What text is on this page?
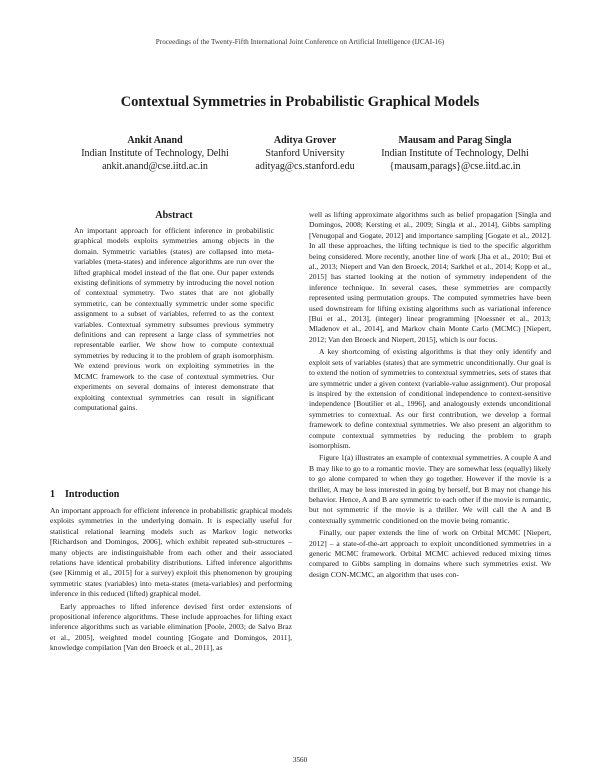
Proceedings of the Twenty-Fifth International Joint Conference on Artificial Intelligence (IJCAI-16)
Contextual Symmetries in Probabilistic Graphical Models
Ankit Anand
Indian Institute of Technology, Delhi
ankit.anand@cse.iitd.ac.in
Aditya Grover
Stanford University
adityag@cs.stanford.edu
Mausam and Parag Singla
Indian Institute of Technology, Delhi
{mausam,parags}@cse.iitd.ac.in
Abstract
An important approach for efficient inference in probabilistic graphical models exploits symmetries among objects in the domain. Symmetric variables (states) are collapsed into meta-variables (meta-states) and inference algorithms are run over the lifted graphical model instead of the flat one. Our paper extends existing definitions of symmetry by introducing the novel notion of contextual symmetry. Two states that are not globally symmetric, can be contextually symmetric under some specific assignment to a subset of variables, referred to as the context variables. Contextual symmetry subsumes previous symmetry definitions and can represent a large class of symmetries not representable earlier. We show how to compute contextual symmetries by reducing it to the problem of graph isomorphism. We extend previous work on exploiting symmetries in the MCMC framework to the case of contextual symmetries. Our experiments on several domains of interest demonstrate that exploiting contextual symmetries can result in significant computational gains.
1 Introduction

An important approach for efficient inference in probabilistic graphical models exploits symmetries in the underlying domain. It is especially useful for statistical relational learning models such as Markov logic networks [Richardson and Domingos, 2006], which exhibit repeated sub-structures – many objects are indistinguishable from each other and their associated relations have identical probability distributions. Lifted inference algorithms (see [Kimmig et al., 2015] for a survey) exploit this phenomenon by grouping symmetric states (variables) into meta-states (meta-variables) and performing inference in this reduced (lifted) graphical model.

Early approaches to lifted inference devised first order extensions of propositional inference algorithms. These include approaches for lifting exact inference algorithms such as variable elimination [Poole, 2003; de Salvo Braz et al., 2005], weighted model counting [Gogate and Domingos, 2011], knowledge compilation [Van den Broeck et al., 2011], as

well as lifting approximate algorithms such as belief propagation [Singla and Domingos, 2008; Kersting et al., 2009; Singla et al., 2014], Gibbs sampling [Venugopal and Gogate, 2012] and importance sampling [Gogate et al., 2012]. In all these approaches, the lifting technique is tied to the specific algorithm being considered. More recently, another line of work [Jha et al., 2010; Bui et al., 2013; Niepert and Van den Broeck, 2014; Sarkhel et al., 2014; Kopp et al., 2015] has started looking at the notion of symmetry independent of the inference technique. In several cases, these symmetries are compactly represented using permutation groups. The computed symmetries have been used downstream for lifting existing algorithms such as variational inference [Bui et al., 2013], (integer) linear programming [Noessner et al., 2013; Mladenov et al., 2014], and Markov chain Monte Carlo (MCMC) [Niepert, 2012; Van den Broeck and Niepert, 2015], which is our focus.

A key shortcoming of existing algorithms is that they only identify and exploit sets of variables (states) that are symmetric unconditionally. Our goal is to extend the notion of symmetries to contextual symmetries, sets of states that are symmetric under a given context (variable-value assignment). Our proposal is inspired by the extension of conditional independence to context-sensitive independence [Boutilier et al., 1996], and analogously extends unconditional symmetries to contextual. As our first contribution, we develop a formal framework to define contextual symmetries. We also present an algorithm to compute contextual symmetries by reducing the problem to graph isomorphism.

Figure 1(a) illustrates an example of contextual symmetries. A couple A and B may like to go to a romantic movie. They are somewhat less (equally) likely to go alone compared to when they go together. However if the movie is a thriller, A may be less interested in going by herself, but B may not change his behavior. Hence, A and B are symmetric to each other if the movie is romantic, but not symmetric if the movie is a thriller. We will call the A and B contextually symmetric conditioned on the movie being romantic.

Finally, our paper extends the line of work on Orbital MCMC [Niepert, 2012] – a state-of-the-art approach to exploit unconditioned symmetries in a generic MCMC framework. Orbital MCMC achieved reduced mixing times compared to Gibbs sampling in domains where such symmetries exist. We design CON-MCMC, an algorithm that uses con-

3560
